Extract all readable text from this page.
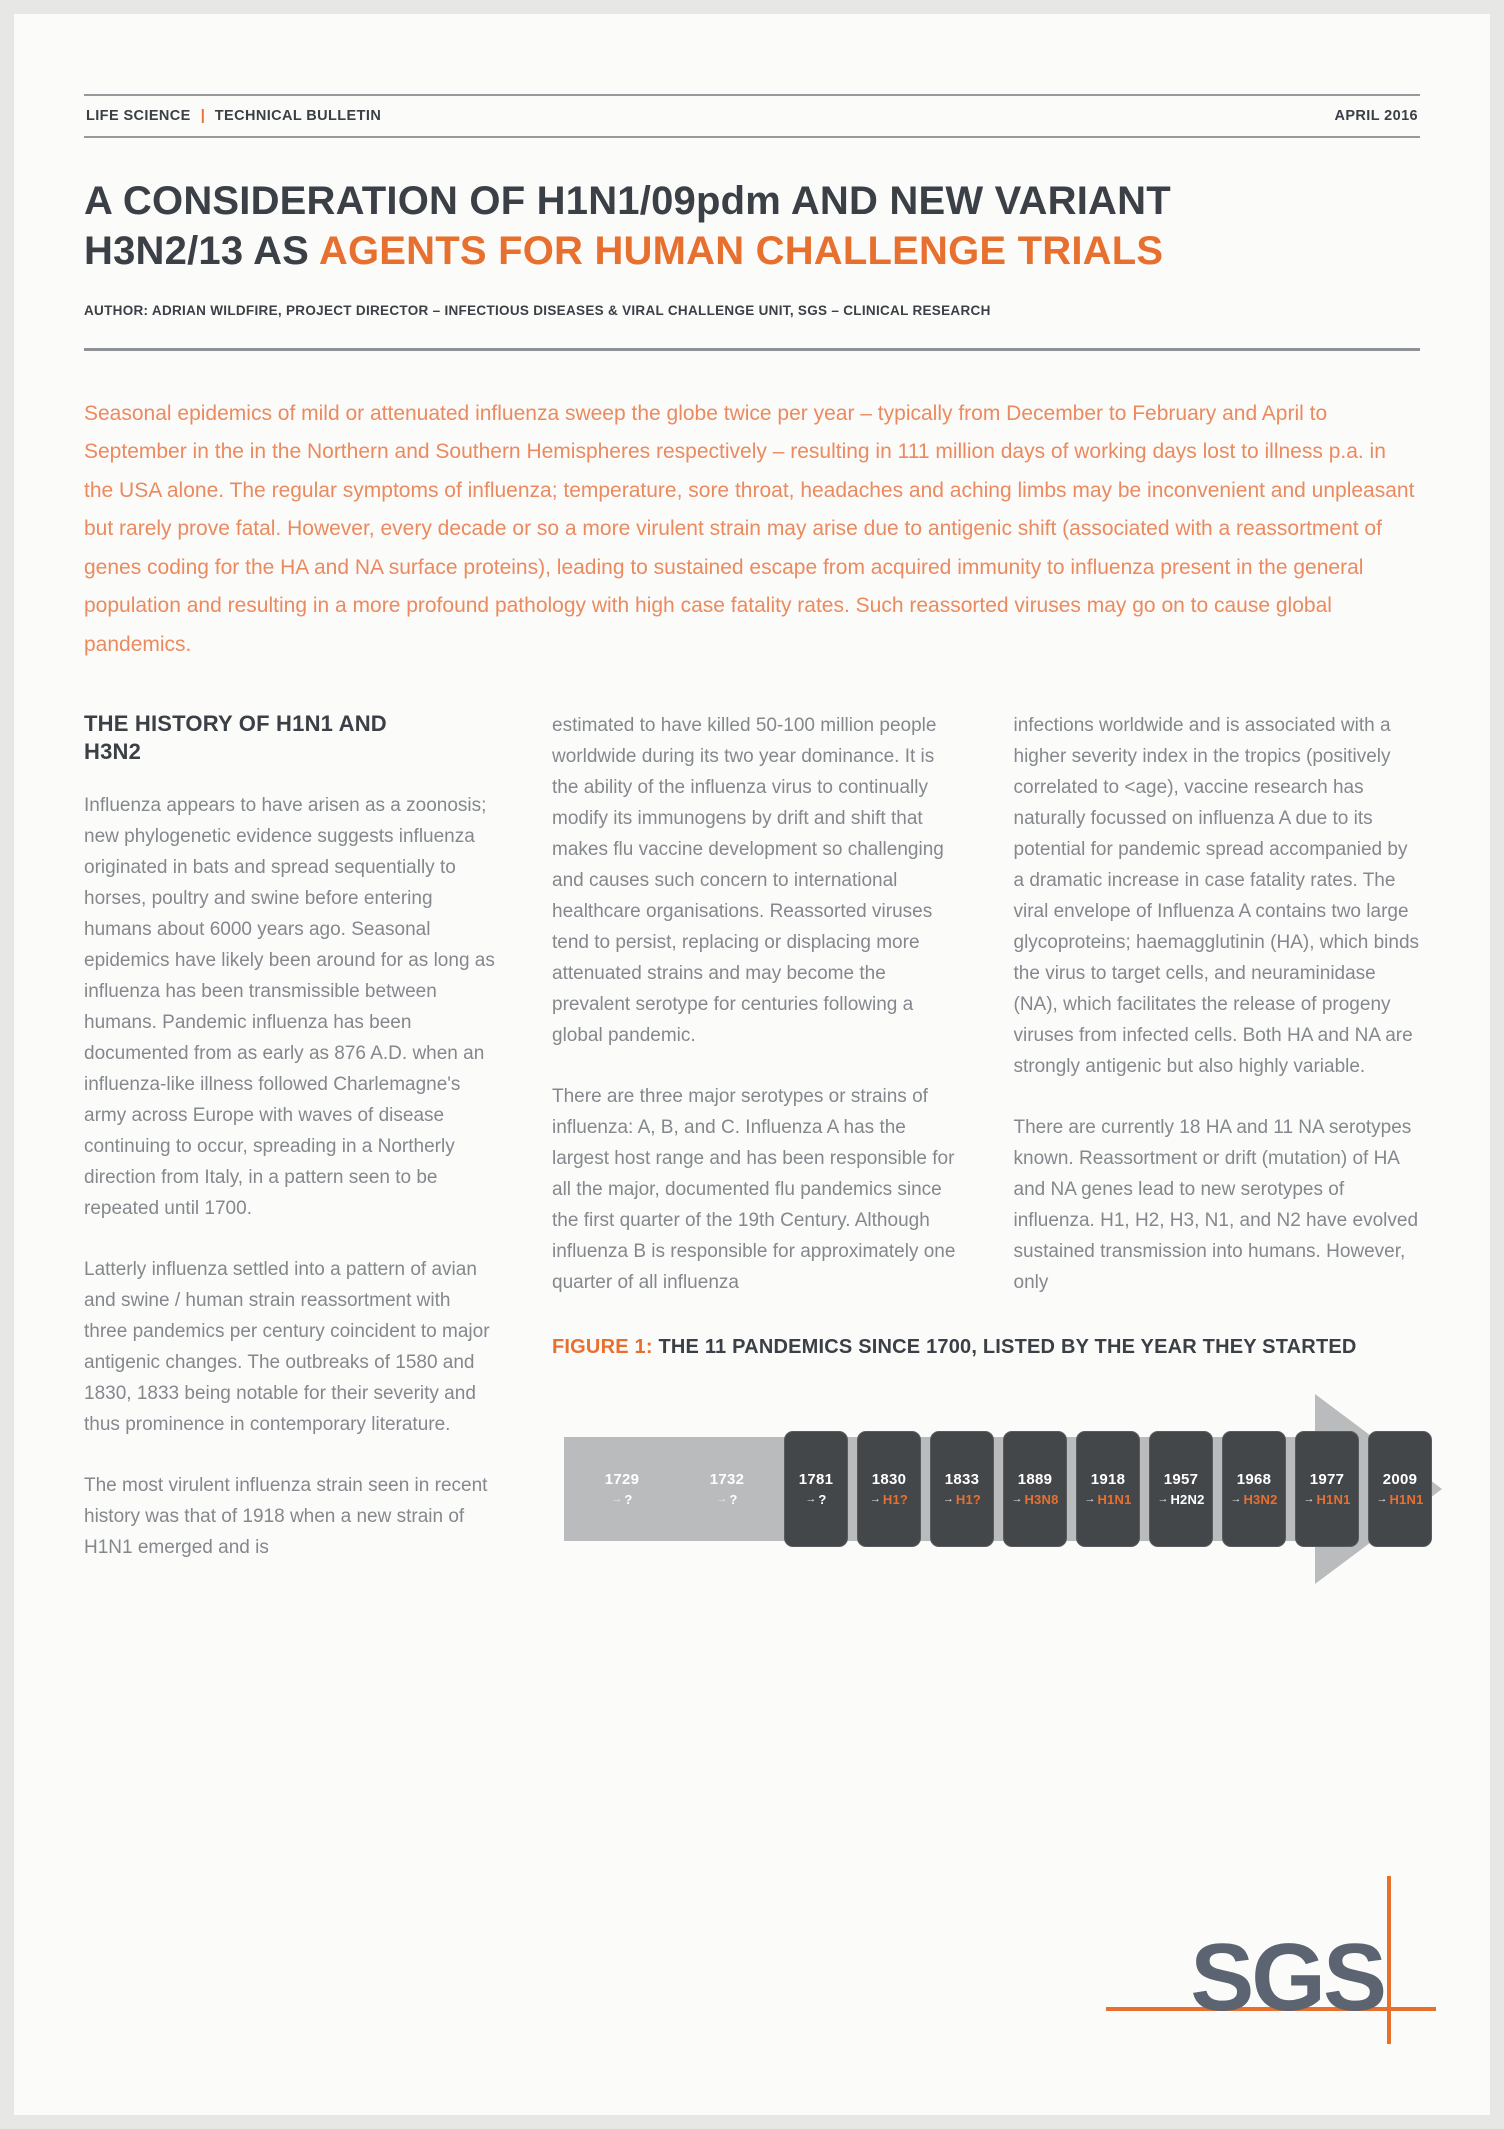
LIFE SCIENCE | TECHNICAL BULLETIN	APRIL 2016
A CONSIDERATION OF H1N1/09pdm AND NEW VARIANT
H3N2/13 AS AGENTS FOR HUMAN CHALLENGE TRIALS
AUTHOR: ADRIAN WILDFIRE, PROJECT DIRECTOR – INFECTIOUS DISEASES & VIRAL CHALLENGE UNIT, SGS – CLINICAL RESEARCH

Seasonal epidemics of mild or attenuated influenza sweep the globe twice per year – typically from December to February and April to September in the in the Northern and Southern Hemispheres respectively – resulting in 111 million days of working days lost to illness p.a. in the USA alone. The regular symptoms of influenza; temperature, sore throat, headaches and aching limbs may be inconvenient and unpleasant but rarely prove fatal. However, every decade or so a more virulent strain may arise due to antigenic shift (associated with a reassortment of genes coding for the HA and NA surface proteins), leading to sustained escape from acquired immunity to influenza present in the general population and resulting in a more profound pathology with high case fatality rates. Such reassorted viruses may go on to cause global pandemics.

THE HISTORY OF H1N1 AND H3N2

Influenza appears to have arisen as a zoonosis; new phylogenetic evidence suggests influenza originated in bats and spread sequentially to horses, poultry and swine before entering humans about 6000 years ago. Seasonal epidemics have likely been around for as long as influenza has been transmissible between humans. Pandemic influenza has been documented from as early as 876 A.D. when an influenza-like illness followed Charlemagne's army across Europe with waves of disease continuing to occur, spreading in a Northerly direction from Italy, in a pattern seen to be repeated until 1700.

Latterly influenza settled into a pattern of avian and swine / human strain reassortment with three pandemics per century coincident to major antigenic changes. The outbreaks of 1580 and 1830, 1833 being notable for their severity and thus prominence in contemporary literature.

The most virulent influenza strain seen in recent history was that of 1918 when a new strain of H1N1 emerged and is

estimated to have killed 50-100 million people worldwide during its two year dominance. It is the ability of the influenza virus to continually modify its immunogens by drift and shift that makes flu vaccine development so challenging and causes such concern to international healthcare organisations. Reassorted viruses tend to persist, replacing or displacing more attenuated strains and may become the prevalent serotype for centuries following a global pandemic.

There are three major serotypes or strains of influenza: A, B, and C. Influenza A has the largest host range and has been responsible for all the major, documented flu pandemics since the first quarter of the 19th Century. Although influenza B is responsible for approximately one quarter of all influenza

infections worldwide and is associated with a higher severity index in the tropics (positively correlated to <age), vaccine research has naturally focussed on influenza A due to its potential for pandemic spread accompanied by a dramatic increase in case fatality rates. The viral envelope of Influenza A contains two large glycoproteins; haemagglutinin (HA), which binds the virus to target cells, and neuraminidase (NA), which facilitates the release of progeny viruses from infected cells. Both HA and NA are strongly antigenic but also highly variable.

There are currently 18 HA and 11 NA serotypes known. Reassortment or drift (mutation) of HA and NA genes lead to new serotypes of influenza. H1, H2, H3, N1, and N2 have evolved sustained transmission into humans. However, only

FIGURE 1: THE 11 PANDEMICS SINCE 1700, LISTED BY THE YEAR THEY STARTED
1729
→ ?
1732
→ ?
1781
→ ?
1830
→ H1?
1833
→ H1?
1889
→ H3N8
1918
→ H1N1
1957
→ H2N2
1968
→ H3N2
1977
→ H1N1
2009
→ H1N1
SGS
